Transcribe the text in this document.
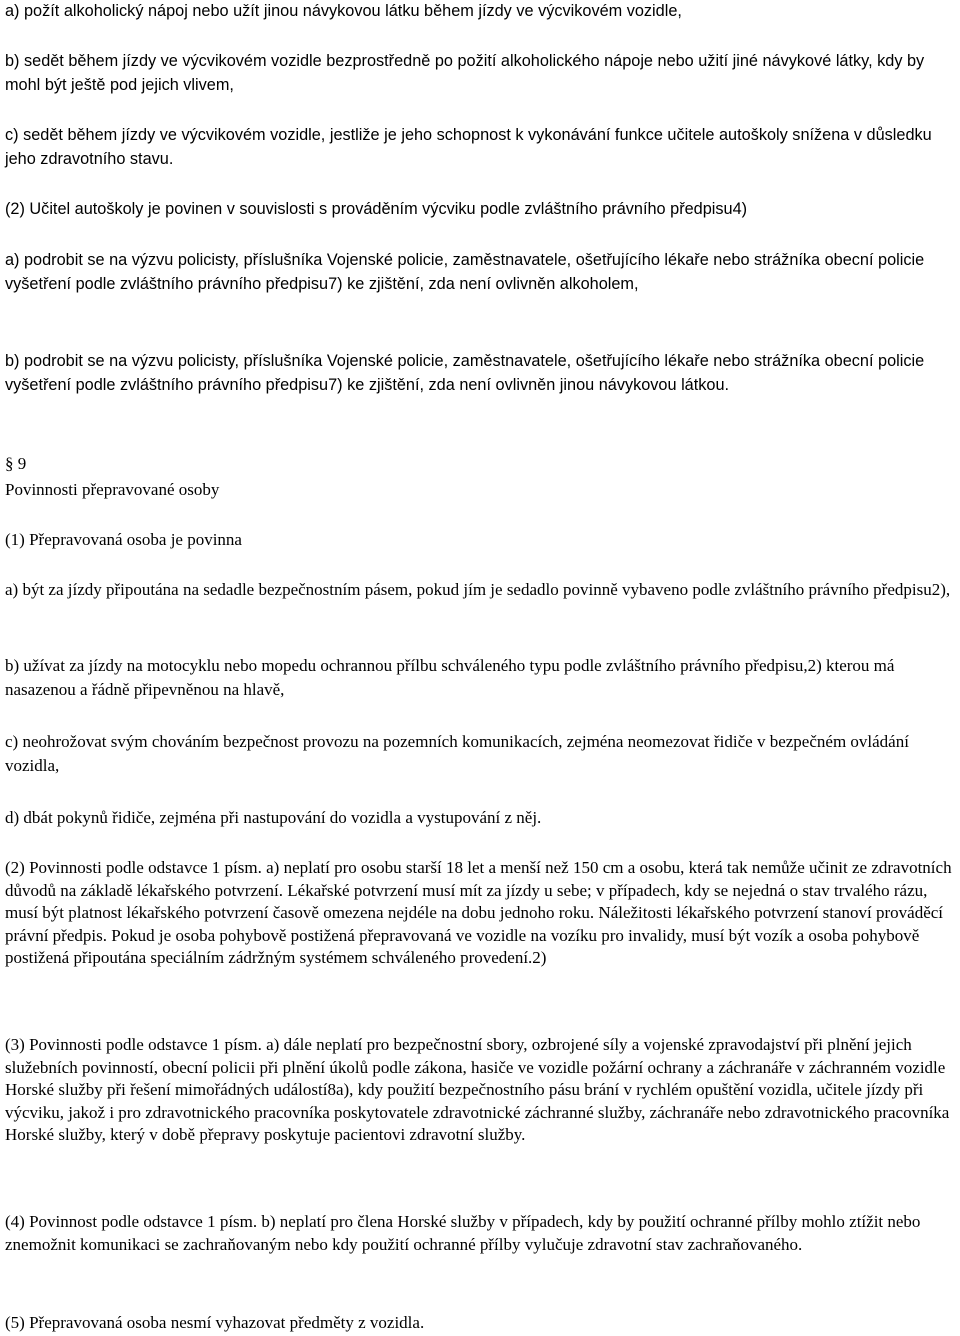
a) požít alkoholický nápoj nebo užít jinou návykovou látku během jízdy ve výcvikovém vozidle,

b) sedět během jízdy ve výcvikovém vozidle bezprostředně po požití alkoholického nápoje nebo užití jiné návykové látky, kdy by mohl být ještě pod jejich vlivem,

c) sedět během jízdy ve výcvikovém vozidle, jestliže je jeho schopnost k vykonávání funkce učitele autoškoly snížena v důsledku jeho zdravotního stavu.

(2) Učitel autoškoly je povinen v souvislosti s prováděním výcviku podle zvláštního právního předpisu4)

a) podrobit se na výzvu policisty, příslušníka Vojenské policie, zaměstnavatele, ošetřujícího lékaře nebo strážníka obecní policie vyšetření podle zvláštního právního předpisu7) ke zjištění, zda není ovlivněn alkoholem,

b) podrobit se na výzvu policisty, příslušníka Vojenské policie, zaměstnavatele, ošetřujícího lékaře nebo strážníka obecní policie vyšetření podle zvláštního právního předpisu7) ke zjištění, zda není ovlivněn jinou návykovou látkou.

§ 9

Povinnosti přepravované osoby

(1) Přepravovaná osoba je povinna

a) být za jízdy připoutána na sedadle bezpečnostním pásem, pokud jím je sedadlo povinně vybaveno podle zvláštního právního předpisu2),

b) užívat za jízdy na motocyklu nebo mopedu ochrannou přílbu schváleného typu podle zvláštního právního předpisu,2) kterou má nasazenou a řádně připevněnou na hlavě,

c) neohrožovat svým chováním bezpečnost provozu na pozemních komunikacích, zejména neomezovat řidiče v bezpečném ovládání vozidla,

d) dbát pokynů řidiče, zejména při nastupování do vozidla a vystupování z něj.

(2) Povinnosti podle odstavce 1 písm. a) neplatí pro osobu starší 18 let a menší než 150 cm a osobu, která tak nemůže učinit ze zdravotních důvodů na základě lékařského potvrzení. Lékařské potvrzení musí mít za jízdy u sebe; v případech, kdy se nejedná o stav trvalého rázu, musí být platnost lékařského potvrzení časově omezena nejdéle na dobu jednoho roku. Náležitosti lékařského potvrzení stanoví prováděcí právní předpis. Pokud je osoba pohybově postižená přepravovaná ve vozidle na vozíku pro invalidy, musí být vozík a osoba pohybově postižená připoutána speciálním zádržným systémem schváleného provedení.2)

(3) Povinnosti podle odstavce 1 písm. a) dále neplatí pro bezpečnostní sbory, ozbrojené síly a vojenské zpravodajství při plnění jejich služebních povinností, obecní policii při plnění úkolů podle zákona, hasiče ve vozidle požární ochrany a záchranáře v záchranném vozidle Horské služby při řešení mimořádných událostí8a), kdy použití bezpečnostního pásu brání v rychlém opuštění vozidla, učitele jízdy při výcviku, jakož i pro zdravotnického pracovníka poskytovatele zdravotnické záchranné služby, záchranáře nebo zdravotnického pracovníka Horské služby, který v době přepravy poskytuje pacientovi zdravotní služby.

(4) Povinnost podle odstavce 1 písm. b) neplatí pro člena Horské služby v případech, kdy by použití ochranné přílby mohlo ztížit nebo znemožnit komunikaci se zachraňovaným nebo kdy použití ochranné přílby vylučuje zdravotní stav zachraňovaného.

(5) Přepravovaná osoba nesmí vyhazovat předměty z vozidla.
